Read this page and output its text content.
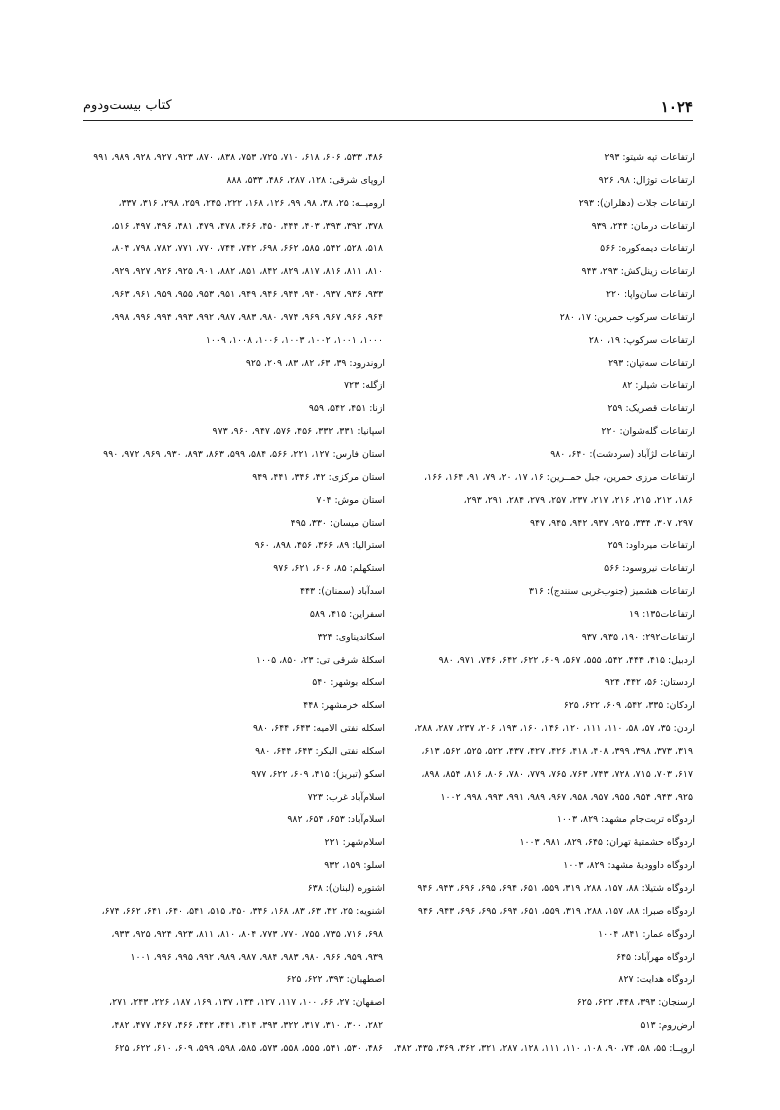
۱۰۲۴
کتاب بیست‌ودوم
ارتفاعات تپه شیتو: ۲۹۳
ارتفاعات توژال: ۹۸، ۹۲۶
ارتفاعات جلات (دهلران): ۲۹۳
ارتفاعات درمان: ۲۴۴، ۹۳۹
ارتفاعات دیمه‌کوره: ۵۶۶
ارتفاعات زینل‌کش: ۲۹۳، ۹۴۳
ارتفاعات سان‌واپا: ۲۲۰
ارتفاعات سرکوب حمرین: ۱۷، ۲۸۰
ارتفاعات سرکوپ: ۱۹، ۲۸۰
ارتفاعات سه‌تپان: ۲۹۳
ارتفاعات شیلر: ۸۲
ارتفاعات قصریک: ۲۵۹
ارتفاعات گله‌شوان: ۲۲۰
ارتفاعات لژآباد (سردشت): ۶۴۰، ۹۸۰
ارتفاعات مرزی حمرین، جبل حمــرین: ۱۶، ۱۷، ۲۰، ۷۹، ۹۱، ۱۶۴، ۱۶۶،
۱۸۶، ۲۱۲، ۲۱۵، ۲۱۶، ۲۱۷، ۲۳۷، ۲۵۷، ۲۷۹، ۲۸۴، ۲۹۱، ۲۹۳،
۲۹۷، ۳۰۷، ۳۳۴، ۹۲۵، ۹۳۷، ۹۴۲، ۹۴۵، ۹۴۷
ارتفاعات میرداود: ۲۵۹
ارتفاعات نیروسود: ۵۶۶
ارتفاعات هشمیز (جنوب‌غربی سنندج): ۳۱۶
ارتفاعات۱۳۵: ۱۹
ارتفاعات۲۹۲: ۱۹۰، ۹۳۵، ۹۳۷
اردبیل: ۴۱۵، ۴۴۴، ۵۴۲، ۵۵۵، ۵۶۷، ۶۰۹، ۶۲۲، ۶۴۲، ۷۴۶، ۹۷۱، ۹۸۰
اردستان: ۵۶، ۴۴۲، ۹۲۴
اردکان: ۳۳۵، ۵۴۲، ۶۰۹، ۶۲۲، ۶۲۵
اردن: ۳۵، ۵۷، ۵۸، ۱۱۰، ۱۱۱، ۱۲۰، ۱۴۶، ۱۶۰، ۱۹۳، ۲۰۶، ۲۳۷، ۲۸۷، ۲۸۸،
۳۱۹، ۳۷۳، ۳۹۸، ۳۹۹، ۴۰۸، ۴۱۸، ۴۲۶، ۴۲۷، ۴۳۷، ۵۲۲، ۵۲۵، ۵۶۲، ۶۱۳،
۶۱۷، ۷۰۳، ۷۱۵، ۷۲۸، ۷۴۳، ۷۶۳، ۷۶۵، ۷۷۹، ۷۸۰، ۸۰۶، ۸۱۶، ۸۵۴، ۸۹۸،
۹۲۵، ۹۴۳، ۹۵۴، ۹۵۵، ۹۵۷، ۹۵۸، ۹۶۷، ۹۸۹، ۹۹۱، ۹۹۳، ۹۹۸، ۱۰۰۲
اردوگاه تربت‌جام مشهد: ۸۲۹، ۱۰۰۳
اردوگاه حشمتیهٔ تهران: ۶۴۵، ۸۲۹، ۹۸۱، ۱۰۰۳
اردوگاه داوودیهٔ مشهد: ۸۲۹، ۱۰۰۳
اردوگاه شتیلا: ۸۸، ۱۵۷، ۲۸۸، ۳۱۹، ۵۵۹، ۶۵۱، ۶۹۴، ۶۹۵، ۶۹۶، ۹۴۳، ۹۴۶
اردوگاه صبرا: ۸۸، ۱۵۷، ۲۸۸، ۳۱۹، ۵۵۹، ۶۵۱، ۶۹۴، ۶۹۵، ۶۹۶، ۹۴۳، ۹۴۶
اردوگاه عمار: ۸۴۱، ۱۰۰۴
اردوگاه مهرآباد: ۶۴۵
اردوگاه هدایت: ۸۲۷
ارسنجان: ۳۹۳، ۴۴۸، ۶۲۲، ۶۲۵
ارض‌روم: ۵۱۳
اروپــا: ۵۵، ۵۸، ۷۴، ۹۰، ۱۰۸، ۱۱۰، ۱۱۱، ۱۲۸، ۲۸۷، ۳۲۱، ۳۶۲، ۳۶۹، ۴۳۵، ۴۸۲،
۴۸۶، ۵۳۳، ۶۰۶، ۶۱۸، ۷۱۰، ۷۲۵، ۷۵۳، ۸۳۸، ۸۷۰، ۹۲۳، ۹۲۷، ۹۲۸، ۹۸۹، ۹۹۱
اروپای شرقی: ۱۲۸، ۲۸۷، ۴۸۶، ۵۳۳، ۸۸۸
ارومیــه: ۲۵، ۳۸، ۹۸، ۹۹، ۱۲۶، ۱۶۸، ۲۲۲، ۲۴۵، ۲۵۹، ۲۹۸، ۳۱۶، ۳۳۷،
۳۷۸، ۳۹۲، ۳۹۳، ۴۰۳، ۴۴۴، ۴۵۰، ۴۶۶، ۴۷۸، ۴۷۹، ۴۸۱، ۴۹۶، ۴۹۷، ۵۱۶،
۵۱۸، ۵۲۸، ۵۴۲، ۵۸۵، ۶۶۲، ۶۹۸، ۷۴۲، ۷۴۴، ۷۷۰، ۷۷۱، ۷۸۲، ۷۹۸، ۸۰۴،
۸۱۰، ۸۱۱، ۸۱۶، ۸۱۷، ۸۲۹، ۸۴۲، ۸۵۱، ۸۸۲، ۹۰۱، ۹۲۵، ۹۲۶، ۹۲۷، ۹۲۹،
۹۳۳، ۹۳۶، ۹۳۷، ۹۴۰، ۹۴۴، ۹۴۶، ۹۴۹، ۹۵۱، ۹۵۳، ۹۵۵، ۹۵۹، ۹۶۱، ۹۶۳،
۹۶۴، ۹۶۶، ۹۶۷، ۹۶۹، ۹۷۴، ۹۸۰، ۹۸۳، ۹۸۷، ۹۹۲، ۹۹۳، ۹۹۴، ۹۹۶، ۹۹۸،
۱۰۰۰، ۱۰۰۱، ۱۰۰۲، ۱۰۰۳، ۱۰۰۶، ۱۰۰۸، ۱۰۰۹
اروندرود: ۳۹، ۶۳، ۸۲، ۸۳، ۲۰۹، ۹۲۵
ازگله: ۷۲۳
ازنا: ۴۵۱، ۵۴۲، ۹۵۹
اسپانیا: ۳۳۱، ۳۳۲، ۴۵۶، ۵۷۶، ۹۴۷، ۹۶۰، ۹۷۳
استان فارس: ۱۲۷، ۲۲۱، ۵۶۶، ۵۸۴، ۵۹۹، ۸۶۳، ۸۹۳، ۹۳۰، ۹۶۹، ۹۷۲، ۹۹۰
استان مرکزی: ۴۲، ۳۴۶، ۴۴۱، ۹۴۹
استان موش: ۷۰۴
استان میسان: ۳۳۰، ۴۹۵
استرالیا: ۸۹، ۳۶۶، ۴۵۶، ۸۹۸، ۹۶۰
استکهلم: ۸۵، ۶۰۶، ۶۲۱، ۹۷۶
اسدآباد (سمنان): ۴۴۳
اسفراین: ۴۱۵، ۵۸۹
اسکاندیناوی: ۳۲۴
اسکلهٔ شرقی تی: ۲۳، ۸۵۰، ۱۰۰۵
اسکله بوشهر: ۵۴۰
اسکله خرمشهر: ۴۴۸
اسکله نفتی الامیه: ۶۴۳، ۶۴۴، ۹۸۰
اسکله نفتی البکر: ۶۴۳، ۶۴۴، ۹۸۰
اسکو (تبریز): ۴۱۵، ۶۰۹، ۶۲۲، ۹۷۷
اسلام‌آباد غرب: ۷۲۳
اسلام‌آباد: ۶۵۳، ۶۵۴، ۹۸۲
اسلام‌شهر: ۲۲۱
اسلو: ۱۵۹، ۹۳۲
اشتوره (لبنان): ۶۳۸
اشنویه: ۲۵، ۴۲، ۶۳، ۸۳، ۱۶۸، ۳۴۶، ۴۵۰، ۵۱۵، ۵۴۱، ۶۴۰، ۶۴۱، ۶۶۲، ۶۷۴،
۶۹۸، ۷۱۶، ۷۳۵، ۷۵۵، ۷۷۰، ۷۷۳، ۸۰۴، ۸۱۰، ۸۱۱، ۹۲۳، ۹۲۴، ۹۲۵، ۹۳۳،
۹۳۹، ۹۵۹، ۹۶۶، ۹۸۰، ۹۸۳، ۹۸۴، ۹۸۷، ۹۸۹، ۹۹۲، ۹۹۵، ۹۹۶، ۱۰۰۱
اصطهبان: ۳۹۳، ۶۲۲، ۶۲۵
اصفهان: ۲۷، ۶۶، ۱۰۰، ۱۱۷، ۱۲۷، ۱۳۴، ۱۳۷، ۱۶۹، ۱۸۷، ۲۲۶، ۲۴۳، ۲۷۱،
۲۸۲، ۳۰۰، ۳۱۰، ۳۱۷، ۳۲۲، ۳۹۳، ۴۱۴، ۴۴۱، ۴۴۲، ۴۶۶، ۴۶۷، ۴۷۷، ۴۸۲،
۴۸۶، ۵۳۰، ۵۴۱، ۵۵۵، ۵۵۸، ۵۷۳، ۵۸۵، ۵۹۸، ۵۹۹، ۶۰۹، ۶۱۰، ۶۲۲، ۶۲۵
